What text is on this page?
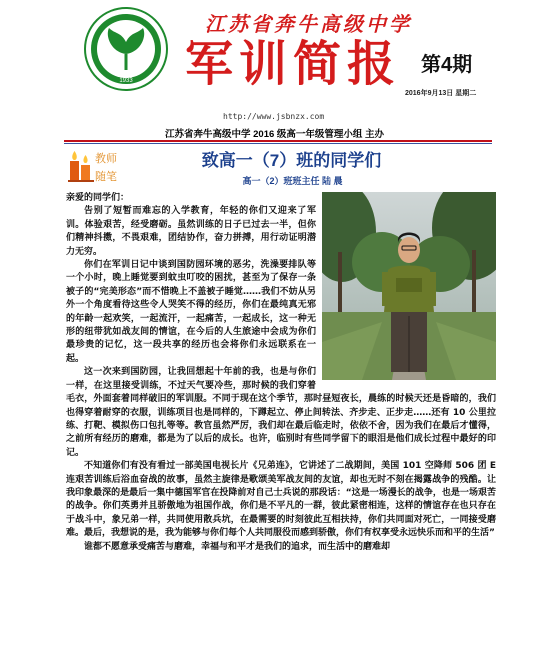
1933
江苏省奔牛高级中学
军训简报 第4期
2016年9月13日 星期二
http://www.jsbnzx.com
江苏省奔牛高级中学 2016 级高一年级管理小组 主办
教师
随笔
致高一（7）班的同学们
高一（2）班班主任 陆 晨

亲爱的同学们：

告别了短暂而难忘的入学教育，年轻的你们又迎来了军训。体验艰苦，经受磨砺。虽然训练的日子已过去一半，但你们精神抖擞，不畏艰难，团结协作，奋力拼搏，用行动证明潜力无穷。

你们在军训日记中谈到国防园环境的恶劣，洗澡要排队等一个小时，晚上睡觉要到蚊虫叮咬的困扰，甚至为了保存一条被子的“完美形态”而不惜晚上不盖被子睡觉……我们不妨从另外一个角度看待这些令人哭笑不得的经历，你们在最纯真无邪的年龄一起欢笑，一起流汗，一起痛苦，一起成长，这一种无形的纽带犹如战友间的情谊，在今后的人生旅途中会成为你们最珍贵的记忆，这一段共享的经历也会将你们永远联系在一起。

这一次来到国防园，让我回想起十年前的我，也是与你们一样，在这里接受训练，不过天气要冷些，那时候的我们穿着毛衣，外面套着同样破旧的军训服。不同于现在这个季节，那时昼短夜长，晨练的时候天还是昏暗的，我们也得穿着耐穿的衣服，训练项目也是同样的，下蹲起立、停止间转法、齐步走、正步走……还有 10 公里拉练、打靶、模拟伤口包扎等等。教官虽然严厉，我们却在最后临走时，依依不舍，因为我们在最后才懂得，之前所有经历的磨难，都是为了以后的成长。也许，临别时有些同学留下的眼泪是他们成长过程中最好的印记。

不知道你们有没有看过一部美国电视长片《兄弟连》，它讲述了二战期间，美国 101 空降师 506 团 E 连艰苦训练后浴血奋战的故事，虽然主旋律是歌颂美军战友间的友谊，却也无时不刻在揭露战争的残酷。让我印象最深的是最后一集中德国军官在投降前对自己士兵说的那段话：“这是一场漫长的战争，也是一场艰苦的战争。你们英勇并且骄傲地为祖国作战，你们是不平凡的一群，彼此紧密相连，这样的情谊存在也只存在于战斗中，象兄弟一样，共同使用散兵坑，在最需要的时刻彼此互相扶持，你们共同面对死亡，一同接受磨难。最后，我想说的是，我为能够与你们每个人共同服役而感到骄傲，你们有权享受永远快乐而和平的生活”

谁都不愿意承受痛苦与磨难，幸福与和平才是我们的追求，而生活中的磨难却
